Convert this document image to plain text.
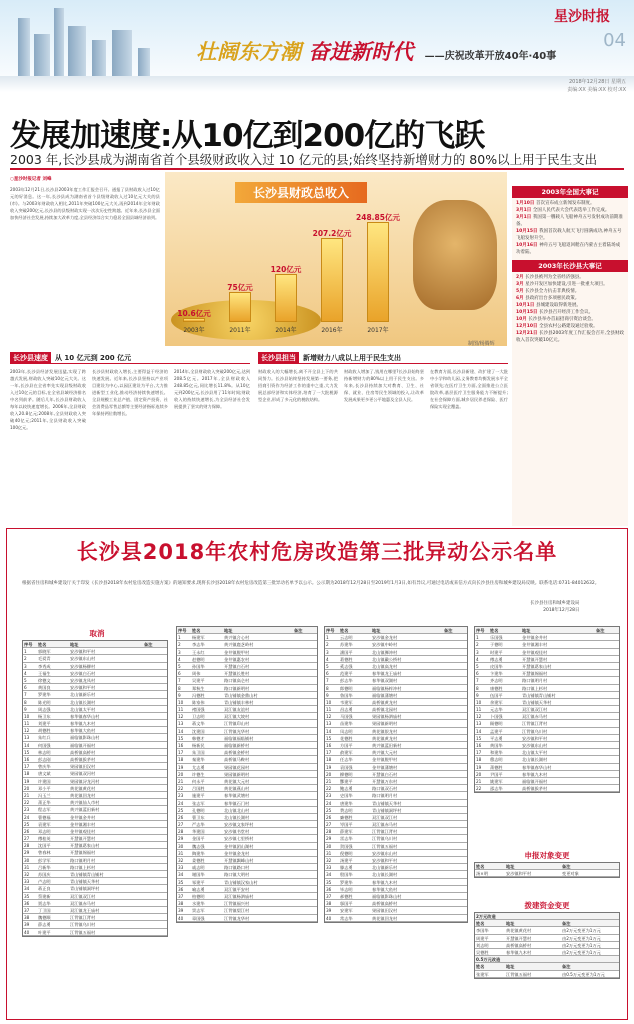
星沙时报
04
壮阔东方潮 奋进新时代 ——庆祝改革开放40年·40事
2018年12月28日 星期五
责编:XX 美编:XX 校对:XX
发展加速度:从10亿到200亿的飞跃
2003 年,长沙县成为湖南省首个县级财政收入过 10 亿元的县;始终坚持新增财力的 80%以上用于民生支出
○星沙时报记者 刘峰
2003年12月21日,长沙县2003年度工作汇报会召开。通报了县财政收入过10亿元的好消息。这一年,长沙县成为湖南省首个县级财政收入过10亿元大关的县(市)。与2003年财政收入相比,2011年突破100亿元大关,再到2014年全年财政收入突破200亿元,长沙县的县级财政实现一次次历史性跨越。近年来,长沙县全面加快经济社会发展,持续加大改革力度,全县经济综合实力稳居全国县域经济前列。
长沙县财政总收入
10.6亿元
2003年
75亿元
2011年
120亿元
2014年
207.2亿元
2016年
248.85亿元
2017年
制图/杨腾辉
2003年全国大事记
1月10日 首次宣布成立新闻发布制度。
3月1日 全国人民代表大会代表选举工作完成。
3月1日 我国第一艘载人飞船神舟五号发射成功前期准备。
10月15日 我国首次载人航天飞行圆满成功,神舟五号飞船发射升空。
10月16日 神舟五号飞船返回舱在内蒙古主着陆场成功着陆。
2003年长沙县大事记
2月 长沙县被列为全省经济强县。
3月 星沙开发区加快建设,引进一批重大项目。
5月 长沙县全力抗击非典疫情。
6月 县政府出台多项惠民政策。
10月1日 县城建设取得新进展。
10月15日 长沙县召开经济工作会议。
10月 长沙县举办首届招商引资洽谈会。
12月10日 全县农村公路建设通过验收。
12月21日 长沙县2003年度工作汇报会召开,全县财政收入首次突破10亿元。
长沙县速度 从 10 亿元到 200 亿元	长沙县担当 新增财力八成以上用于民生支出
2003年,长沙县经济发展迅猛,实现了跨越式发展,财政收入突破10亿元大关。这一年,长沙县在全省率先实现县级财政收入过10亿元的目标,在全省县域经济排名中名列前茅。随后几年,长沙县财政收入每年以较快速度增长。2006年,全县财政收入20.8亿元;2008年,全县财政收入突破40亿元;2011年,全县财政收入突破100亿元。
长沙县财政收入增长,主要得益于经济的快速发展。近年来,长沙县坚持以产业项目建设为中心,以园区建设为平台,大力推进新型工业化,推动经济持续快速增长。全县规模工业总产值、固定资产投资、社会消费品零售总额等主要经济指标连续多年保持两位数增长。
2014年,全县财政收入突破200亿元,达到208.5亿元。2017年,全县财政收入248.85亿元,同比增长11.8%。从10亿元到200亿元,长沙县用了11年时间;财政收入的持续快速增长,为全县经济社会发展提供了坚实的财力保障。
财政收入的大幅增长,离不开全县上下的共同努力。长沙县始终坚持发展第一要务,把招商引资作为经济工作的重中之重,大力发展总部经济和实体经济,培育了一大批税源型企业,形成了多元化的税收结构。
财政收入增加了,钱用在哪里?长沙县始终坚持新增财力的80%以上用于民生支出。多年来,长沙县持续加大对教育、卫生、社保、就业、住房等民生领域的投入,让改革发展成果更多更公平地惠及全县人民。
在教育方面,长沙县新建、改扩建了一大批中小学和幼儿园,义务教育均衡发展水平全省领先;在医疗卫生方面,全面推进公立医院改革,基层医疗卫生服务能力不断提升;在社会保障方面,城乡居民养老保险、医疗保险实现全覆盖。
长沙县2018年农村危房改造第三批异动公示名单
根据省住房和城乡建设厅关于印发《长沙县2018年农村危房改造实施方案》的通知要求,现将长沙县2018年农村危房改造第三批异动名单予以公示。公示期为2018年12月28日至2019年1月3日,如有异议,可通过电话或来信方式向长沙县住房和城乡建设局反映。联系电话:0731-84012632。
长沙县住房和城乡建设局
2018年12月28日
取消
序号 姓名	地址	备注
1	郭晓军	安沙镇和平村
2	毛爱青	安沙镇东山村
3	李秀成	安沙镇杨柳村
4	王福生	安沙镇白石村
5	徐德文	安沙镇龙凤村
6	黄国良	安沙镇和平村
7	罗建华	北山镇新乐村
8	陈光明	北山镇长湖村
9	周志强	北山镇太平村
10 杨卫东	春华镇春华山村
11 刘建平	春华镇九木村
12 胡德胜	春华镇大鱼村
13 朱红兵	福临镇影珠山村
14 何国强	福临镇开福村
15 林志明	高桥镇高桥村
16 彭志刚	高桥镇拔茅村
17 曾庆华	果园镇田汉村
18 唐文斌	果园镇双河村
19 许建国	果园镇浔龙河村
20 邓小平	黄花镇黄花村
21 冯玉兰	黄花镇回龙村
22 萧正华	黄兴镇仙人市村
23 程志军	黄兴镇蓝田新村
24 曹德福	金井镇金井村
25 袁建军	金井镇湘丰村
26 邓志明	金井镇观佳村
27 傅桂英	开慧镇开慧村
28 沈国平	开慧镇葛家山村
29 曾春林	开慧镇锡福村
30 彭学军	路口镇明月村
31 吕新华	路口镇上杉村
32 苏国庆	青山铺镇青山铺村
33 卢志明	青山铺镇天华村
34 蒋正良	青山铺镇洞坪村
35 蔡建新	双江镇双江村
36 贾志华	双江镇赤马村
37 丁卫国	双江镇龙王庙村
38 魏德顺	江背镇江背村
39 薛志勇	江背镇乌川村
40 叶建平	江背镇五福村
序号 姓名	地址	备注
1	杨建军	黄兴镇合心村
2	李志华	黄兴镇鹿芝岭村
3	王永红	金井镇脱甲村
4	赵德明	金井镇惠农村
5	孙国华	开慧镇白石村
6	周伟	开慧镇长胜村
7	吴建平	路口镇高仑村
8	郑秋生	路口镇新明村
9	冯德胜	青山铺镇金鼎山村
10 陈家伟	青山铺镇丰林村
11 褚国强	双江镇友谊村
12 卫志明	双江镇大坡村
13 蒋文华	江背镇印山村
14 沈建国	江背镇光华村
15 韩德才	福临镇福临铺村
16 杨新民	福临镇新桥村
17 朱卫国	高桥镇金桥村
18 秦建华	高桥镇马鞍村
19 尤志勇	果园镇花园村
20 许德生	果园镇新明村
21 何永平	黄花镇大元村
22 吕国胜	黄花镇燕山村
23 施建平	春华镇武塘村
24 张志军	春华镇石门村
25 孔德明	北山镇北山村
26 曹卫东	北山镇长湖村
27 严志华	安沙镇文家坪村
28 华建国	安沙镇书堂村
29 金国平	安沙镇七里桥村
30 魏志强	金井镇团山湖村
31 陶建华	金井镇金龙村
32 姜德胜	开慧镇飘峰山村
33 戚志明	路口镇路口村
34 谢国华	路口镇大明村
35 邹建平	青山铺镇汉家山村
36 喻志勇	双江镇平安村
37 柏德明	双江镇杨泗庙村
38 水建华	江背镇福兴村
39 窦志军	江背镇梨江村
40 章国强	江背镇龙华村
序号 姓名	地址	备注
1	云志明	安沙镇金龙村
2	苏建华	安沙镇中岭村
3	潘国平	北山镇狮冲村
4	葛德胜	北山镇戴公桥村
5	奚志强	北山镇高龙村
6	范建平	春华镇龙王庙村
7	彭志华	春华镇双湖村
8	郎德明	福临镇杨梓冲村
9	鲁国华	福临镇蒲塘村
10 韦建军	高桥镇黄龙村
11 昌志勇	高桥镇北园村
12 马国强	果园镇杨泗庙村
13 苗建华	果园镇新明村
14 凤志明	黄花镇银龙村
15 花德胜	黄花镇黄龙村
16 方国平	黄兴镇蓝田新村
17 俞建军	黄兴镇大元村
18 任志华	金井镇脱甲村
19 袁国强	金井镇蒲塘村
20 柳德明	开慧镇白石村
21 酆建平	开慧镇万东村
22 鲍志勇	路口镇双石村
23 史国华	路口镇明月村
24 唐建华	青山铺镇天华村
25 费志明	青山铺镇洞坪村
26 廉德胜	双江镇双江村
27 岑国平	双江镇赤马村
28 薛建军	江背镇江背村
29 雷志华	江背镇乌川村
30 贺国强	江背镇五福村
31 倪德明	安沙镇东山村
32 汤建平	安沙镇和平村
33 滕志勇	北山镇新乐村
34 殷国华	北山镇长湖村
35 罗建华	春华镇九木村
36 毕志明	春华镇大鱼村
37 郝德胜	福临镇影珠山村
38 邬国平	高桥镇高桥村
39 安建军	果园镇田汉村
40 常志华	黄花镇回龙村
序号 姓名	地址	备注
1	乐国强	金井镇金井村
2	于德明	金井镇湘丰村
3	时建平	金井镇观佳村
4	傅志勇	开慧镇开慧村
5	皮国华	开慧镇葛家山村
6	卞建华	开慧镇锡福村
7	齐志明	路口镇明月村
8	康德胜	路口镇上杉村
9	伍国平	青山铺镇青山铺村
10 余建军	青山铺镇天华村
11 元志华	双江镇双江村
12 卜国强	双江镇赤马村
13 顾德明	江背镇江背村
14 孟建平	江背镇乌川村
15 平志勇	安沙镇和平村
16 黄国华	安沙镇东山村
17 和建华	北山镇太平村
18 穆志明	北山镇长湖村
19 萧德胜	春华镇春华山村
20 尹国平	春华镇九木村
21 姚建军	福临镇开福村
22 邵志华	高桥镇拔茅村
申报对象变更
姓名	地址	备注
汤×明	安沙镇和平村	变更对象
拨建资金变更
2万元改造
姓名	地址	备注
李国华	黄花镇黄花村	由2万元变更为1万元
周建平	开慧镇开慧村	由2万元变更为1万元
刘志明	高桥镇高桥村	由2万元变更为1万元
吴德胜	春华镇九木村	由2万元变更为1万元
0.5万元改造
姓名	地址	备注
张建军	江背镇五福村	由0.5万元变更为1万元
